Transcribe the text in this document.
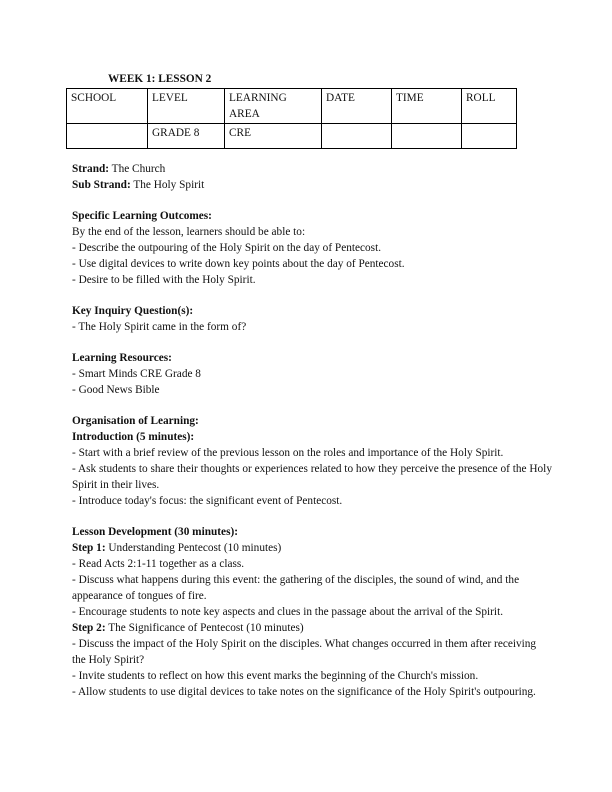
WEEK 1: LESSON 2
SCHOOL	LEVEL	LEARNING AREA	DATE	TIME	ROLL
	GRADE 8	CRE			

Strand: The Church
Sub Strand: The Holy Spirit

Specific Learning Outcomes:
By the end of the lesson, learners should be able to:
- Describe the outpouring of the Holy Spirit on the day of Pentecost.
- Use digital devices to write down key points about the day of Pentecost.
- Desire to be filled with the Holy Spirit.

Key Inquiry Question(s):
- The Holy Spirit came in the form of?

Learning Resources:
- Smart Minds CRE Grade 8
- Good News Bible

Organisation of Learning:
Introduction (5 minutes):
- Start with a brief review of the previous lesson on the roles and importance of the Holy Spirit.
- Ask students to share their thoughts or experiences related to how they perceive the presence of the Holy Spirit in their lives.
- Introduce today's focus: the significant event of Pentecost.

Lesson Development (30 minutes):
Step 1: Understanding Pentecost (10 minutes)
- Read Acts 2:1-11 together as a class.
- Discuss what happens during this event: the gathering of the disciples, the sound of wind, and the appearance of tongues of fire.
- Encourage students to note key aspects and clues in the passage about the arrival of the Spirit.
Step 2: The Significance of Pentecost (10 minutes)
- Discuss the impact of the Holy Spirit on the disciples. What changes occurred in them after receiving the Holy Spirit?
- Invite students to reflect on how this event marks the beginning of the Church's mission.
- Allow students to use digital devices to take notes on the significance of the Holy Spirit's outpouring.
